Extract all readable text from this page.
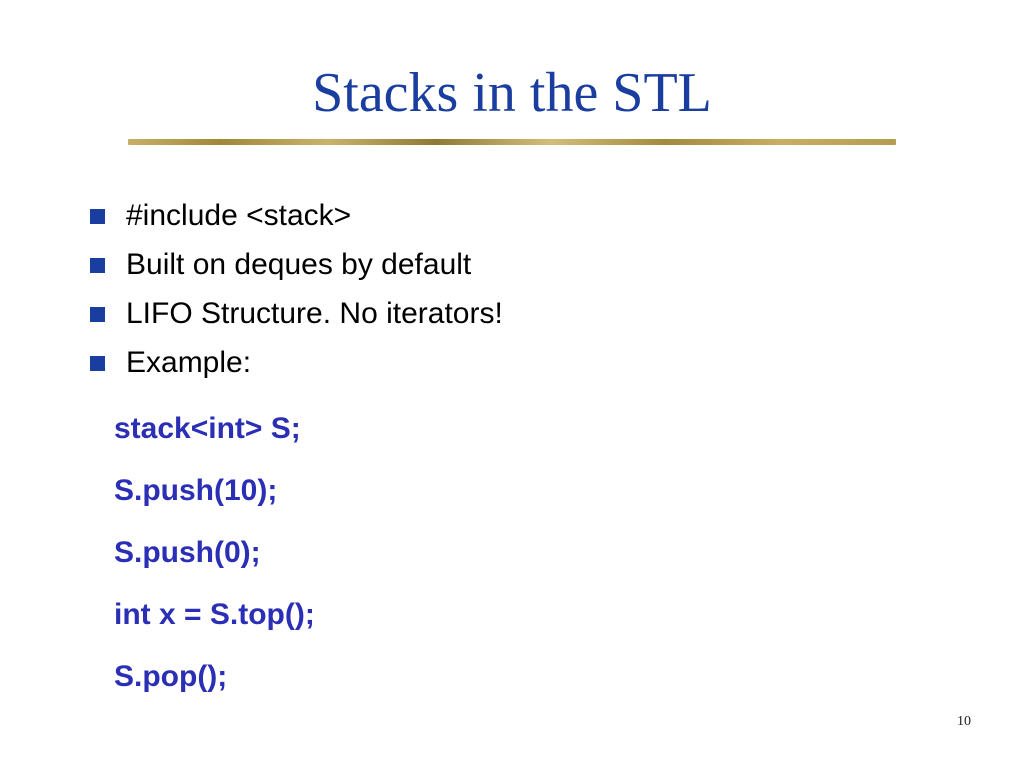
Stacks in the STL
#include <stack>
Built on deques by default
LIFO Structure. No iterators!
Example:
stack<int> S;
S.push(10);
S.push(0);
int x = S.top();
S.pop();
10
